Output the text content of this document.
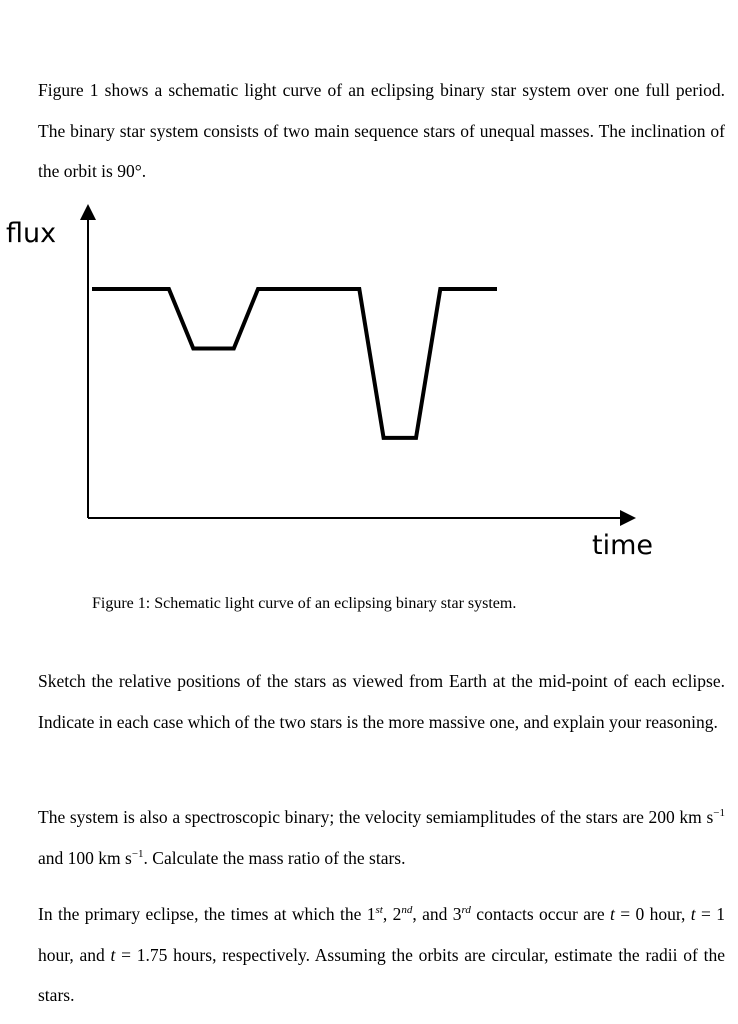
Figure 1 shows a schematic light curve of an eclipsing binary star system over one full period. The binary star system consists of two main sequence stars of unequal masses. The inclination of the orbit is 90°.

flux
time
Figure 1: Schematic light curve of an eclipsing binary star system.

Sketch the relative positions of the stars as viewed from Earth at the mid-point of each eclipse. Indicate in each case which of the two stars is the more massive one, and explain your reasoning.

The system is also a spectroscopic binary; the velocity semiamplitudes of the stars are 200 km $s^{-1}$ and 100 km $s^{-1}$. Calculate the mass ratio of the stars.

In the primary eclipse, the times at which the 1st, 2nd, and 3rd contacts occur are t = 0 hour, t = 1 hour, and t = 1.75 hours, respectively. Assuming the orbits are circular, estimate the radii of the stars.
